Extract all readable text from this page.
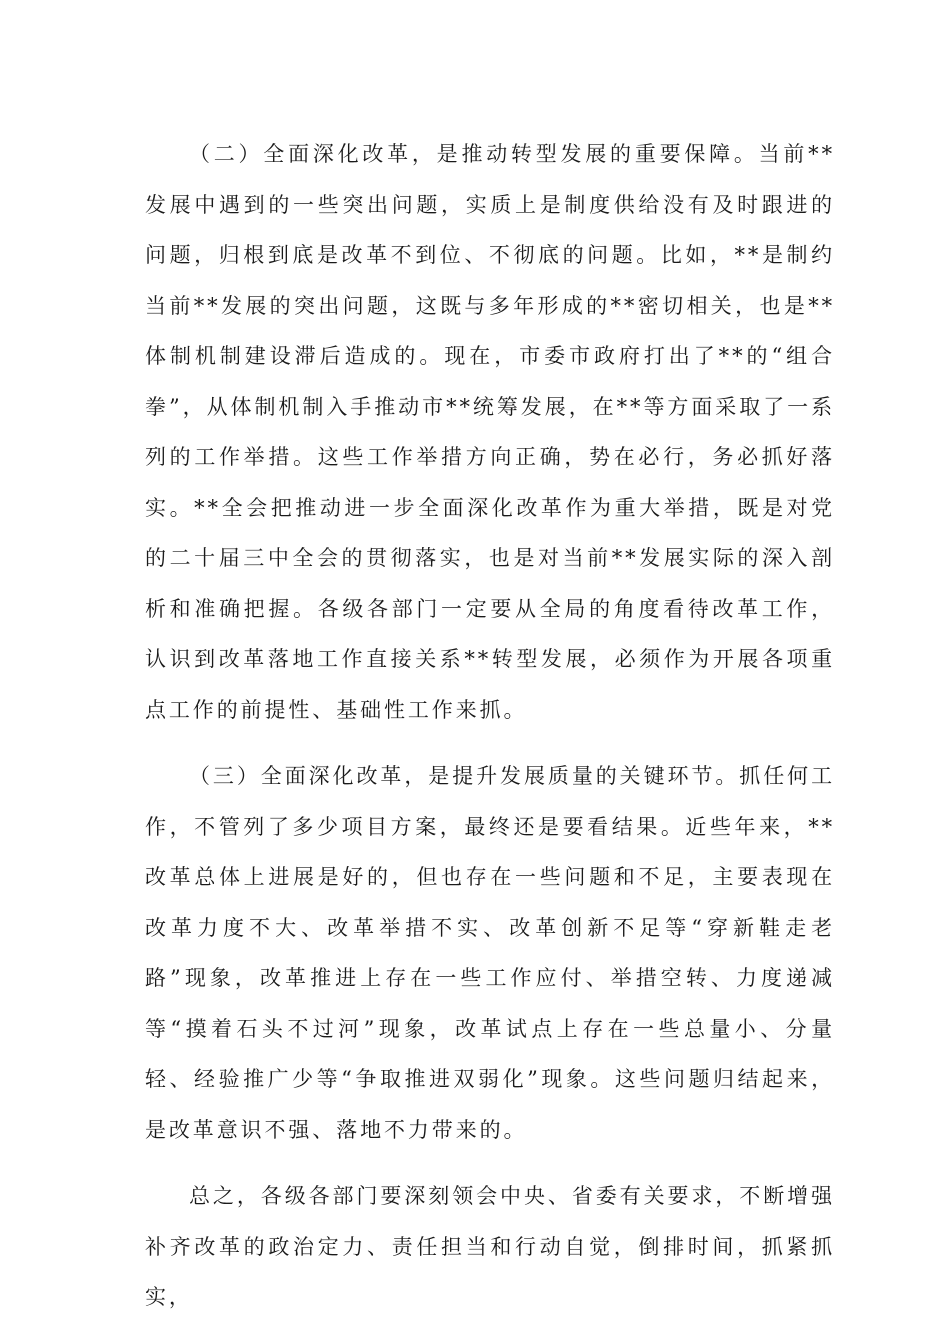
（二）全面深化改革，是推动转型发展的重要保障。当前**发展中遇到的一些突出问题，实质上是制度供给没有及时跟进的问题，归根到底是改革不到位、不彻底的问题。比如，**是制约当前**发展的突出问题，这既与多年形成的**密切相关，也是**体制机制建设滞后造成的。现在，市委市政府打出了**的“组合拳”，从体制机制入手推动市**统筹发展，在**等方面采取了一系列的工作举措。这些工作举措方向正确，势在必行，务必抓好落实。**全会把推动进一步全面深化改革作为重大举措，既是对党的二十届三中全会的贯彻落实，也是对当前**发展实际的深入剖析和准确把握。各级各部门一定要从全局的角度看待改革工作，认识到改革落地工作直接关系**转型发展，必须作为开展各项重点工作的前提性、基础性工作来抓。

（三）全面深化改革，是提升发展质量的关键环节。抓任何工作，不管列了多少项目方案，最终还是要看结果。近些年来，**改革总体上进展是好的，但也存在一些问题和不足，主要表现在改革力度不大、改革举措不实、改革创新不足等“穿新鞋走老路”现象，改革推进上存在一些工作应付、举措空转、力度递减等“摸着石头不过河”现象，改革试点上存在一些总量小、分量轻、经验推广少等“争取推进双弱化”现象。这些问题归结起来，是改革意识不强、落地不力带来的。

总之，各级各部门要深刻领会中央、省委有关要求，不断增强补齐改革的政治定力、责任担当和行动自觉，倒排时间，抓紧抓实，
